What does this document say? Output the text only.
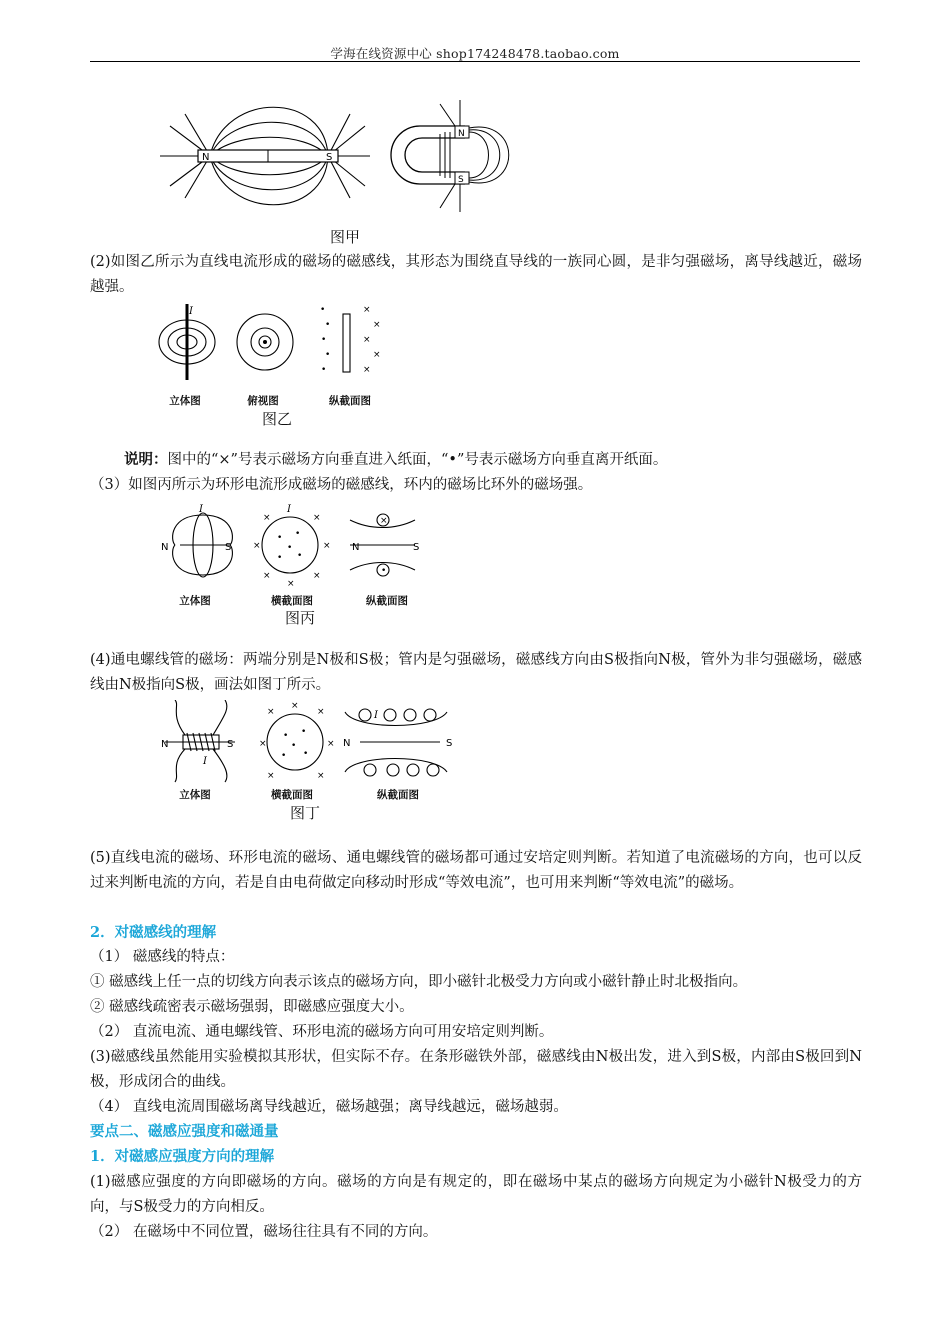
学海在线资源中心 shop174248478.taobao.com
N	S
N
S
图甲
(2)如图乙所示为直线电流形成的磁场的磁感线，其形态为围绕直导线的一族同心圆，是非匀强磁场，离导线越近，磁场越强。
I	•
•
•
•
•
×
×
×
×
×
立体图	俯视图	纵截面图
图乙
说明：图中的“×”号表示磁场方向垂直进入纸面，“•”号表示磁场方向垂直离开纸面。
（3）如图丙所示为环形电流形成磁场的磁感线，环内的磁场比环外的磁场强。
I
N	S	N	S
I
• •
•
• •
×	×
×	×
×	×
×
×
•
立体图	横截面图	纵截面图
图丙
(4)通电螺线管的磁场：两端分别是N极和S极；管内是匀强磁场，磁感线方向由S极指向N极，管外为非匀强磁场，磁感线由N极指向S极，画法如图丁所示。
N	S
I
N	S
I
• •
•
• •
×	×
×	×
×	×
×
立体图	横截面图	纵截面图
图丁
(5)直线电流的磁场、环形电流的磁场、通电螺线管的磁场都可通过安培定则判断。若知道了电流磁场的方向，也可以反过来判断电流的方向，若是自由电荷做定向移动时形成“等效电流”，也可用来判断“等效电流”的磁场。
2．对磁感线的理解
（1） 磁感线的特点：
① 磁感线上任一点的切线方向表示该点的磁场方向，即小磁针北极受力方向或小磁针静止时北极指向。
② 磁感线疏密表示磁场强弱，即磁感应强度大小。
（2） 直流电流、通电螺线管、环形电流的磁场方向可用安培定则判断。
(3)磁感线虽然能用实验模拟其形状，但实际不存。在条形磁铁外部，磁感线由N极出发，进入到S极，内部由S极回到N极，形成闭合的曲线。
（4） 直线电流周围磁场离导线越近，磁场越强；离导线越远，磁场越弱。
要点二、磁感应强度和磁通量
1．对磁感应强度方向的理解
(1)磁感应强度的方向即磁场的方向。磁场的方向是有规定的，即在磁场中某点的磁场方向规定为小磁针N极受力的方向，与S极受力的方向相反。
（2） 在磁场中不同位置，磁场往往具有不同的方向。
